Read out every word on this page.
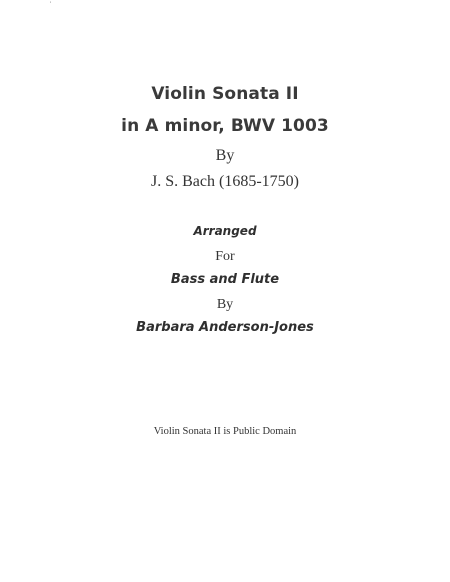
'
Violin Sonata II
in A minor, BWV 1003
By
J. S. Bach (1685-1750)
Arranged
For
Bass and Flute
By
Barbara Anderson-Jones
Violin Sonata II is Public Domain
